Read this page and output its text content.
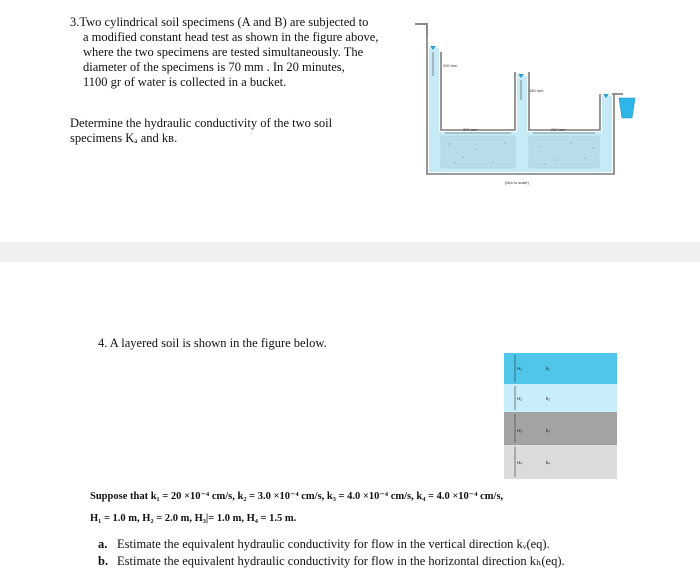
3.Two cylindrical soil specimens (A and B) are subjected to
a modified constant head test as shown in the figure above,
where the two specimens are tested simultaneously. The
diameter of the specimens is 70 mm . In 20 minutes,
1100 gr of water is collected in a bucket.
Determine the hydraulic conductivity of the two soil
specimens Kₐ and kʙ.
200 mm
150 mm
300 mm	250 mm
(Not to scale)
4. A layered soil is shown in the figure below.
H₁	k₁
H₂	k₂
H₃	k₃
H₄	k₄
Suppose that k₁ = 20 ×10⁻⁴ cm/s, k₂ = 3.0 ×10⁻⁴ cm/s, k₃ = 4.0 ×10⁻⁴ cm/s, k₄ = 4.0 ×10⁻⁴ cm/s,
H₁ = 1.0 m, H₂ = 2.0 m, H₃|= 1.0 m, H₄ = 1.5 m.
a. Estimate the equivalent hydraulic conductivity for flow in the vertical direction kᵥ(eq).
b. Estimate the equivalent hydraulic conductivity for flow in the horizontal direction kₕ(eq).
